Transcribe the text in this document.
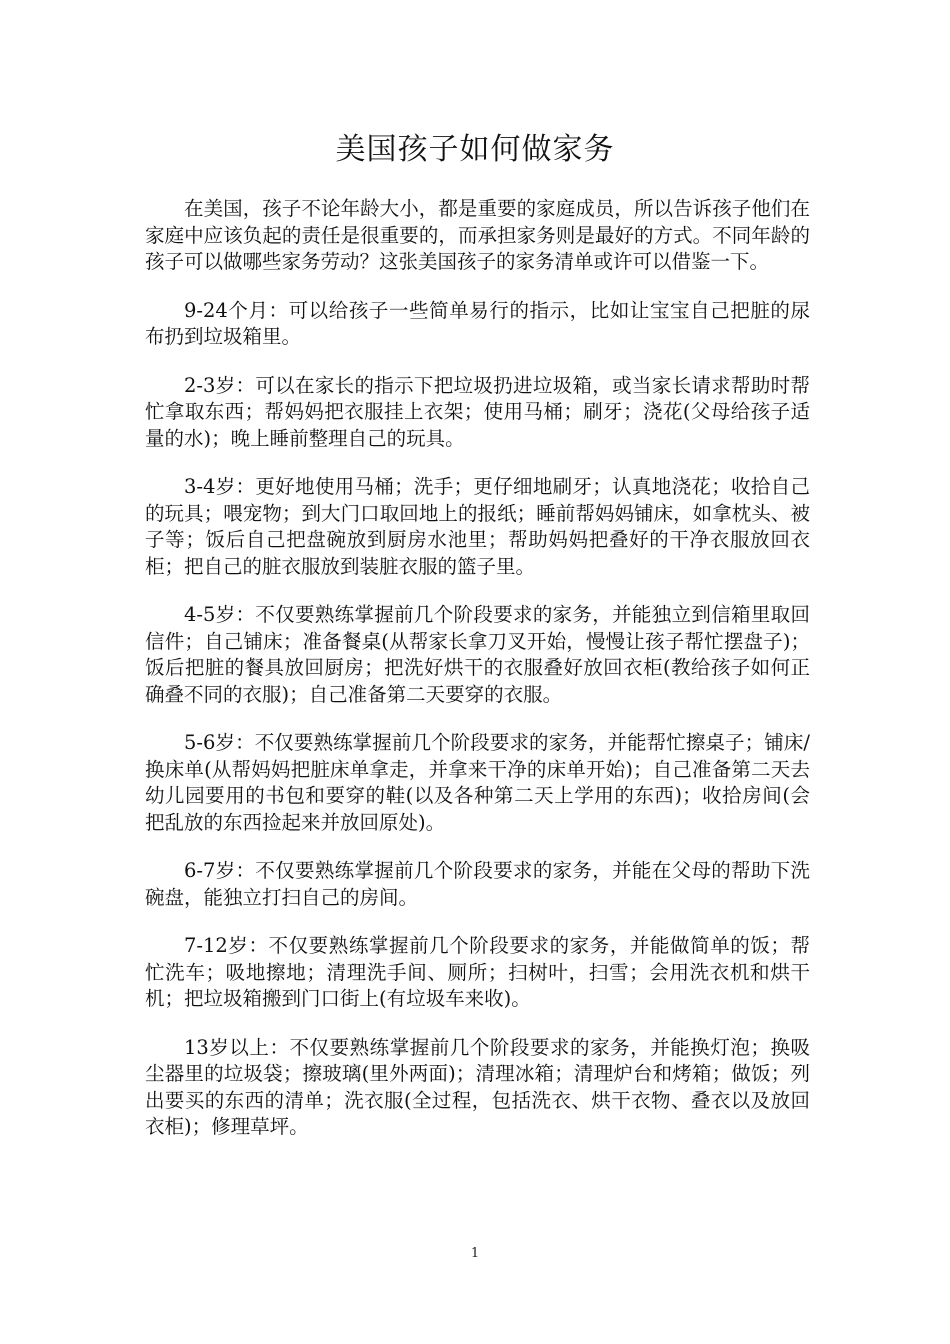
美国孩子如何做家务

在美国，孩子不论年龄大小，都是重要的家庭成员，所以告诉孩子他们在家庭中应该负起的责任是很重要的，而承担家务则是最好的方式。不同年龄的孩子可以做哪些家务劳动？这张美国孩子的家务清单或许可以借鉴一下。

9-24个月：可以给孩子一些简单易行的指示，比如让宝宝自己把脏的尿布扔到垃圾箱里。

2-3岁：可以在家长的指示下把垃圾扔进垃圾箱，或当家长请求帮助时帮忙拿取东西；帮妈妈把衣服挂上衣架；使用马桶；刷牙；浇花(父母给孩子适量的水)；晚上睡前整理自己的玩具。

3-4岁：更好地使用马桶；洗手；更仔细地刷牙；认真地浇花；收拾自己的玩具；喂宠物；到大门口取回地上的报纸；睡前帮妈妈铺床，如拿枕头、被子等；饭后自己把盘碗放到厨房水池里；帮助妈妈把叠好的干净衣服放回衣柜；把自己的脏衣服放到装脏衣服的篮子里。

4-5岁：不仅要熟练掌握前几个阶段要求的家务，并能独立到信箱里取回信件；自己铺床；准备餐桌(从帮家长拿刀叉开始，慢慢让孩子帮忙摆盘子)；饭后把脏的餐具放回厨房；把洗好烘干的衣服叠好放回衣柜(教给孩子如何正确叠不同的衣服)；自己准备第二天要穿的衣服。

5-6岁：不仅要熟练掌握前几个阶段要求的家务，并能帮忙擦桌子；铺床/换床单(从帮妈妈把脏床单拿走，并拿来干净的床单开始)；自己准备第二天去幼儿园要用的书包和要穿的鞋(以及各种第二天上学用的东西)；收拾房间(会把乱放的东西捡起来并放回原处)。

6-7岁：不仅要熟练掌握前几个阶段要求的家务，并能在父母的帮助下洗碗盘，能独立打扫自己的房间。

7-12岁：不仅要熟练掌握前几个阶段要求的家务，并能做简单的饭；帮忙洗车；吸地擦地；清理洗手间、厕所；扫树叶，扫雪；会用洗衣机和烘干机；把垃圾箱搬到门口街上(有垃圾车来收)。

13岁以上：不仅要熟练掌握前几个阶段要求的家务，并能换灯泡；换吸尘器里的垃圾袋；擦玻璃(里外两面)；清理冰箱；清理炉台和烤箱；做饭；列出要买的东西的清单；洗衣服(全过程，包括洗衣、烘干衣物、叠衣以及放回衣柜)；修理草坪。

1
